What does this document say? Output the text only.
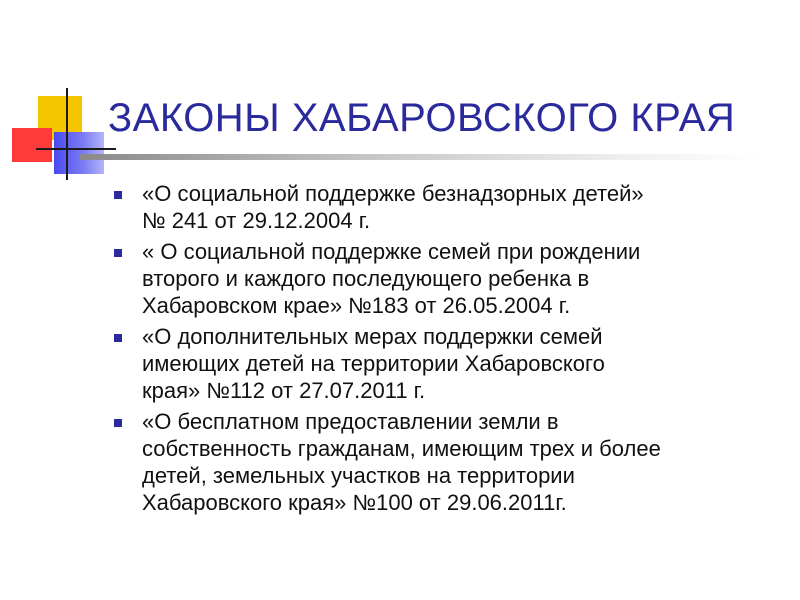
ЗАКОНЫ ХАБАРОВСКОГО КРАЯ
«О социальной поддержке безнадзорных детей»
№ 241 от 29.12.2004 г.
« О социальной поддержке семей при рождении
второго и каждого последующего ребенка в
Хабаровском крае» №183 от 26.05.2004 г.
«О дополнительных мерах поддержки семей
имеющих детей на территории Хабаровского
края» №112 от 27.07.2011 г.
«О бесплатном предоставлении земли в
собственность гражданам, имеющим трех и более
детей, земельных участков на территории
Хабаровского края» №100 от 29.06.2011г.
